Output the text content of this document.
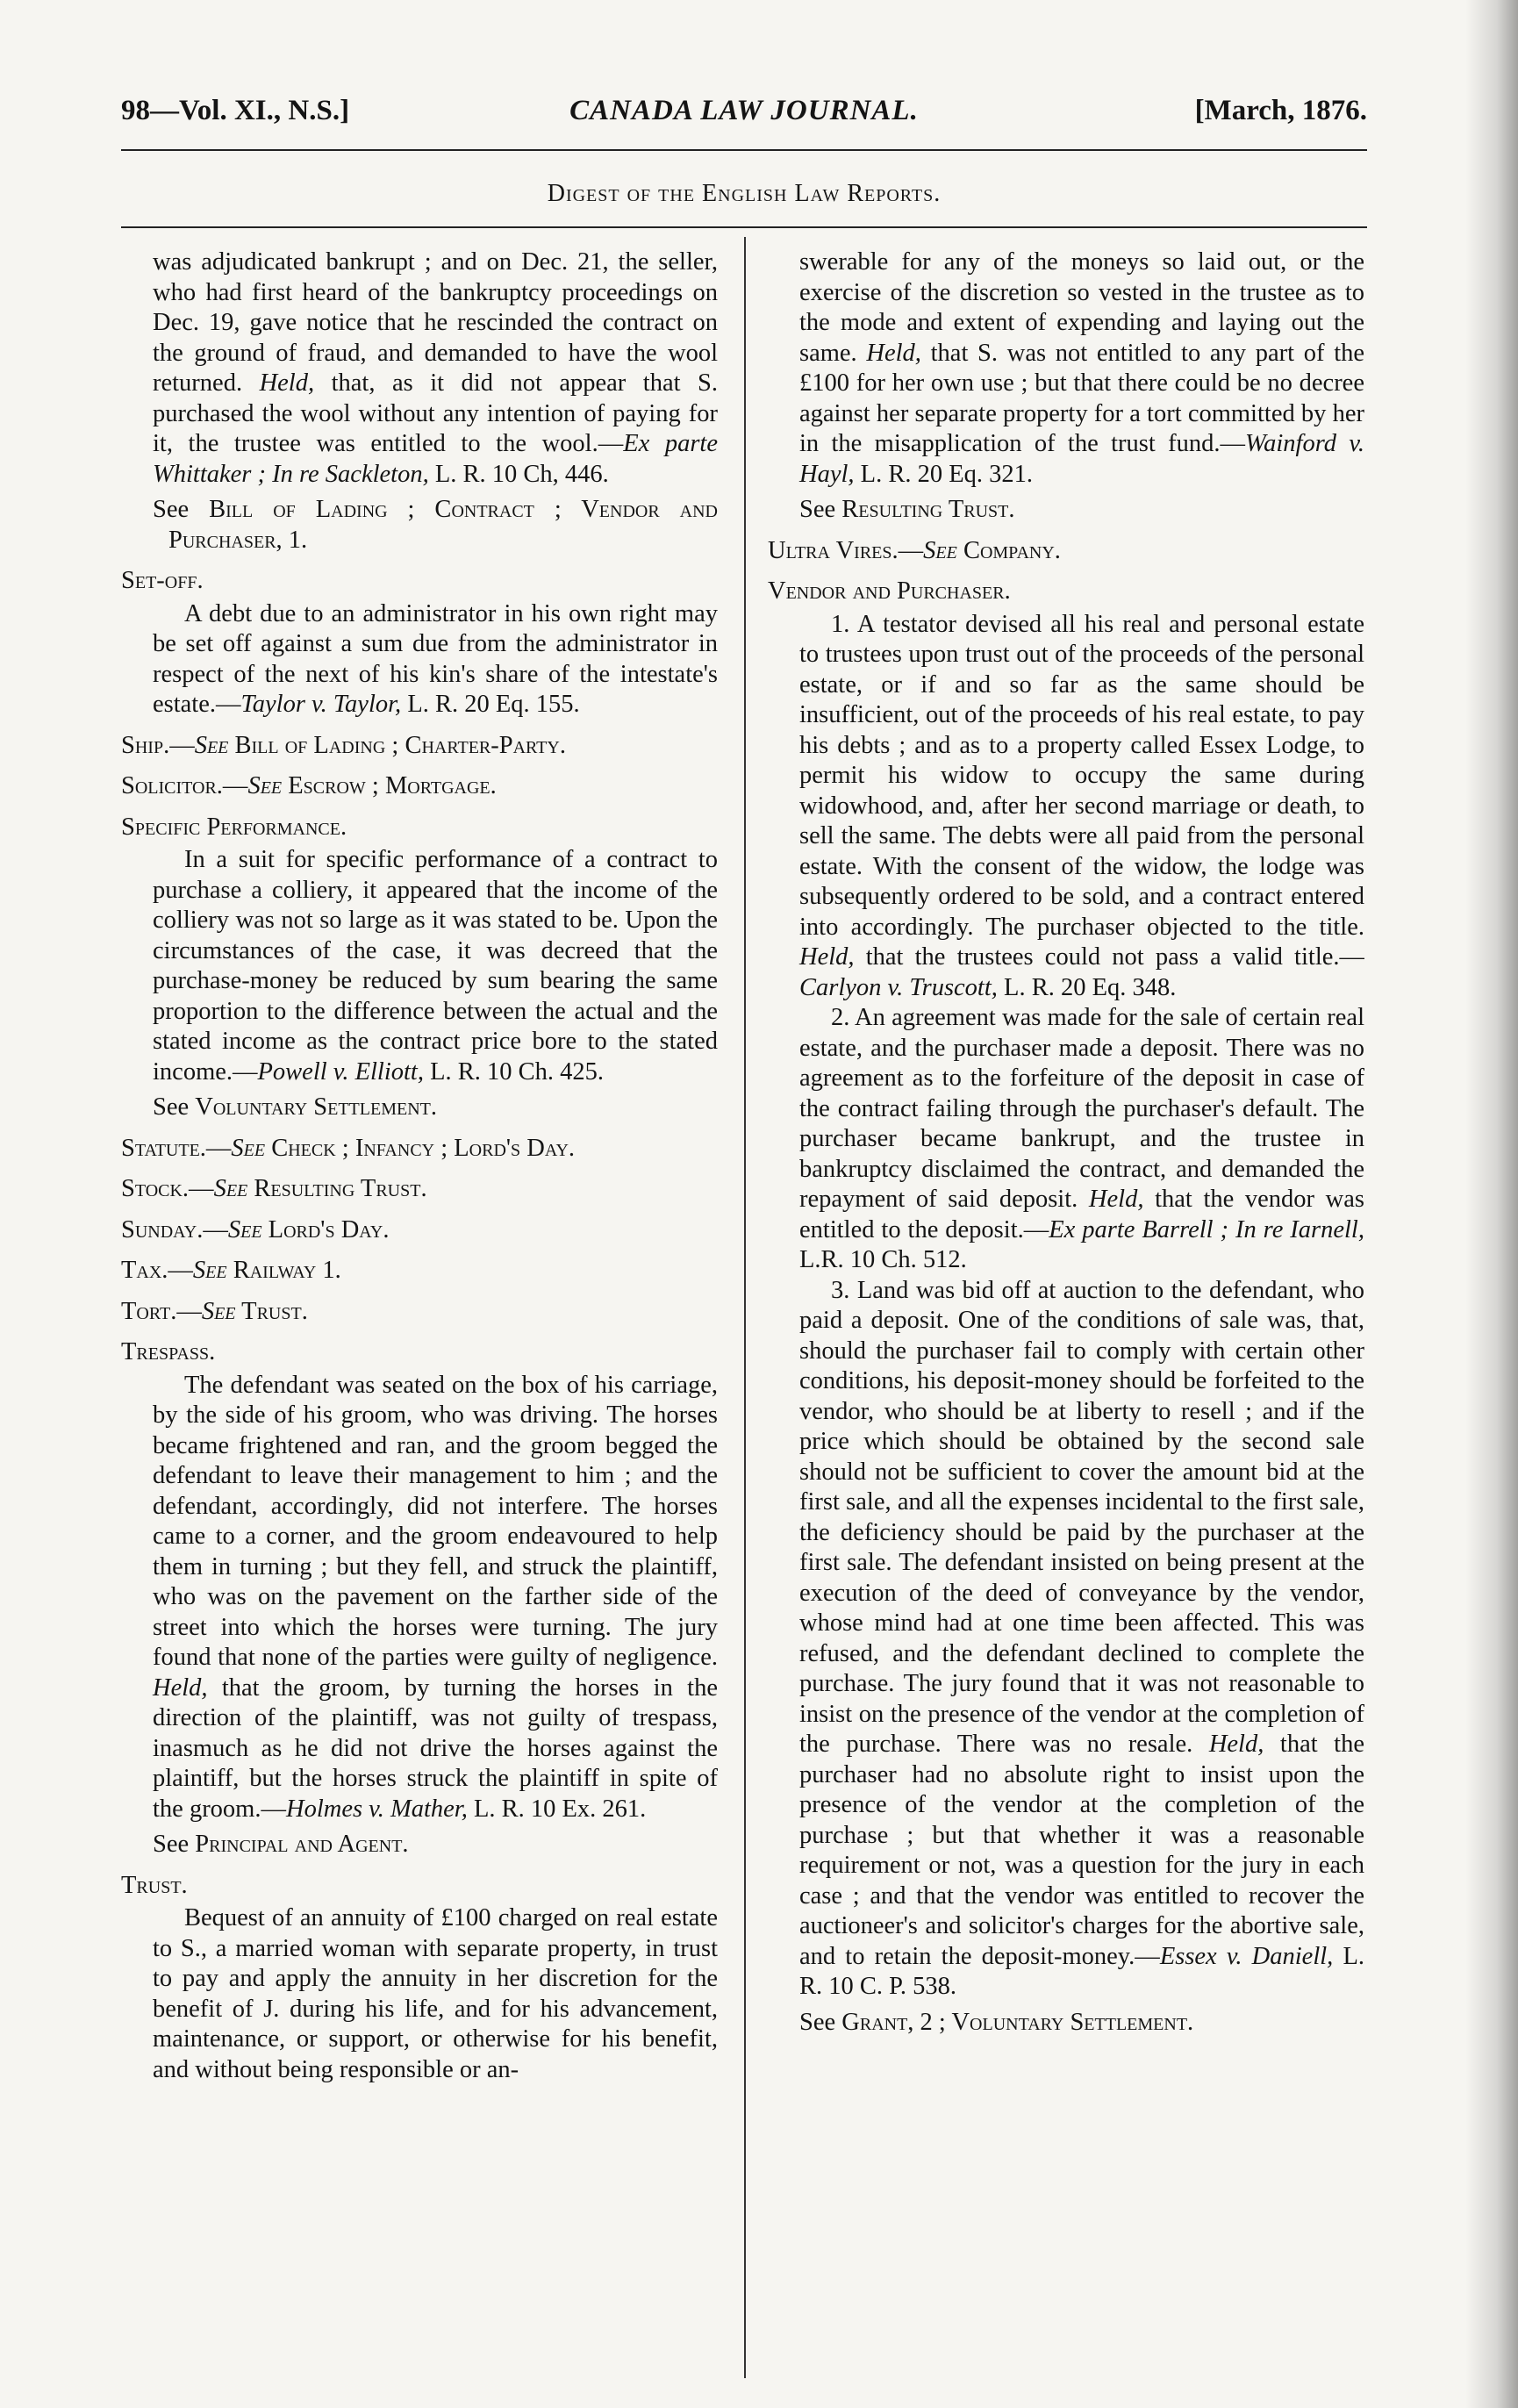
98—Vol. XI., N.S.]	CANADA LAW JOURNAL.	[March, 1876.
Digest of the English Law Reports.

was adjudicated bankrupt ; and on Dec. 21, the seller, who had first heard of the bankruptcy proceedings on Dec. 19, gave notice that he rescinded the contract on the ground of fraud, and demanded to have the wool returned. Held, that, as it did not appear that S. purchased the wool without any intention of paying for it, the trustee was entitled to the wool.—Ex parte Whittaker ; In re Sackleton, L. R. 10 Ch, 446.

See Bill of Lading ; Contract ; Vendor and Purchaser, 1.

Set-off.

A debt due to an administrator in his own right may be set off against a sum due from the administrator in respect of the next of his kin's share of the intestate's estate.—Taylor v. Taylor, L. R. 20 Eq. 155.

Ship.—See Bill of Lading ; Charter-Party.

Solicitor.—See Escrow ; Mortgage.

Specific Performance.

In a suit for specific performance of a contract to purchase a colliery, it appeared that the income of the colliery was not so large as it was stated to be. Upon the circumstances of the case, it was decreed that the purchase-money be reduced by sum bearing the same proportion to the difference between the actual and the stated income as the contract price bore to the stated income.—Powell v. Elliott, L. R. 10 Ch. 425.

See Voluntary Settlement.

Statute.—See Check ; Infancy ; Lord's Day.

Stock.—See Resulting Trust.

Sunday.—See Lord's Day.

Tax.—See Railway 1.

Tort.—See Trust.

Trespass.

The defendant was seated on the box of his carriage, by the side of his groom, who was driving. The horses became frightened and ran, and the groom begged the defendant to leave their management to him ; and the defendant, accordingly, did not interfere. The horses came to a corner, and the groom endeavoured to help them in turning ; but they fell, and struck the plaintiff, who was on the pavement on the farther side of the street into which the horses were turning. The jury found that none of the parties were guilty of negligence. Held, that the groom, by turning the horses in the direction of the plaintiff, was not guilty of trespass, inasmuch as he did not drive the horses against the plaintiff, but the horses struck the plaintiff in spite of the groom.—Holmes v. Mather, L. R. 10 Ex. 261.

See Principal and Agent.

Trust.

Bequest of an annuity of £100 charged on real estate to S., a married woman with separate property, in trust to pay and apply the annuity in her discretion for the benefit of J. during his life, and for his advancement, maintenance, or support, or otherwise for his benefit, and without being responsible or an-

swerable for any of the moneys so laid out, or the exercise of the discretion so vested in the trustee as to the mode and extent of expending and laying out the same. Held, that S. was not entitled to any part of the £100 for her own use ; but that there could be no decree against her separate property for a tort committed by her in the misapplication of the trust fund.—Wainford v. Hayl, L. R. 20 Eq. 321.

See Resulting Trust.

Ultra Vires.—See Company.

Vendor and Purchaser.

1. A testator devised all his real and personal estate to trustees upon trust out of the proceeds of the personal estate, or if and so far as the same should be insufficient, out of the proceeds of his real estate, to pay his debts ; and as to a property called Essex Lodge, to permit his widow to occupy the same during widowhood, and, after her second marriage or death, to sell the same. The debts were all paid from the personal estate. With the consent of the widow, the lodge was subsequently ordered to be sold, and a contract entered into accordingly. The purchaser objected to the title. Held, that the trustees could not pass a valid title.—Carlyon v. Truscott, L. R. 20 Eq. 348.

2. An agreement was made for the sale of certain real estate, and the purchaser made a deposit. There was no agreement as to the forfeiture of the deposit in case of the contract failing through the purchaser's default. The purchaser became bankrupt, and the trustee in bankruptcy disclaimed the contract, and demanded the repayment of said deposit. Held, that the vendor was entitled to the deposit.—Ex parte Barrell ; In re Iarnell, L.R. 10 Ch. 512.

3. Land was bid off at auction to the defendant, who paid a deposit. One of the conditions of sale was, that, should the purchaser fail to comply with certain other conditions, his deposit-money should be forfeited to the vendor, who should be at liberty to resell ; and if the price which should be obtained by the second sale should not be sufficient to cover the amount bid at the first sale, and all the expenses incidental to the first sale, the deficiency should be paid by the purchaser at the first sale. The defendant insisted on being present at the execution of the deed of conveyance by the vendor, whose mind had at one time been affected. This was refused, and the defendant declined to complete the purchase. The jury found that it was not reasonable to insist on the presence of the vendor at the completion of the purchase. There was no resale. Held, that the purchaser had no absolute right to insist upon the presence of the vendor at the completion of the purchase ; but that whether it was a reasonable requirement or not, was a question for the jury in each case ; and that the vendor was entitled to recover the auctioneer's and solicitor's charges for the abortive sale, and to retain the deposit-money.—Essex v. Daniell, L. R. 10 C. P. 538.

See Grant, 2 ; Voluntary Settlement.
